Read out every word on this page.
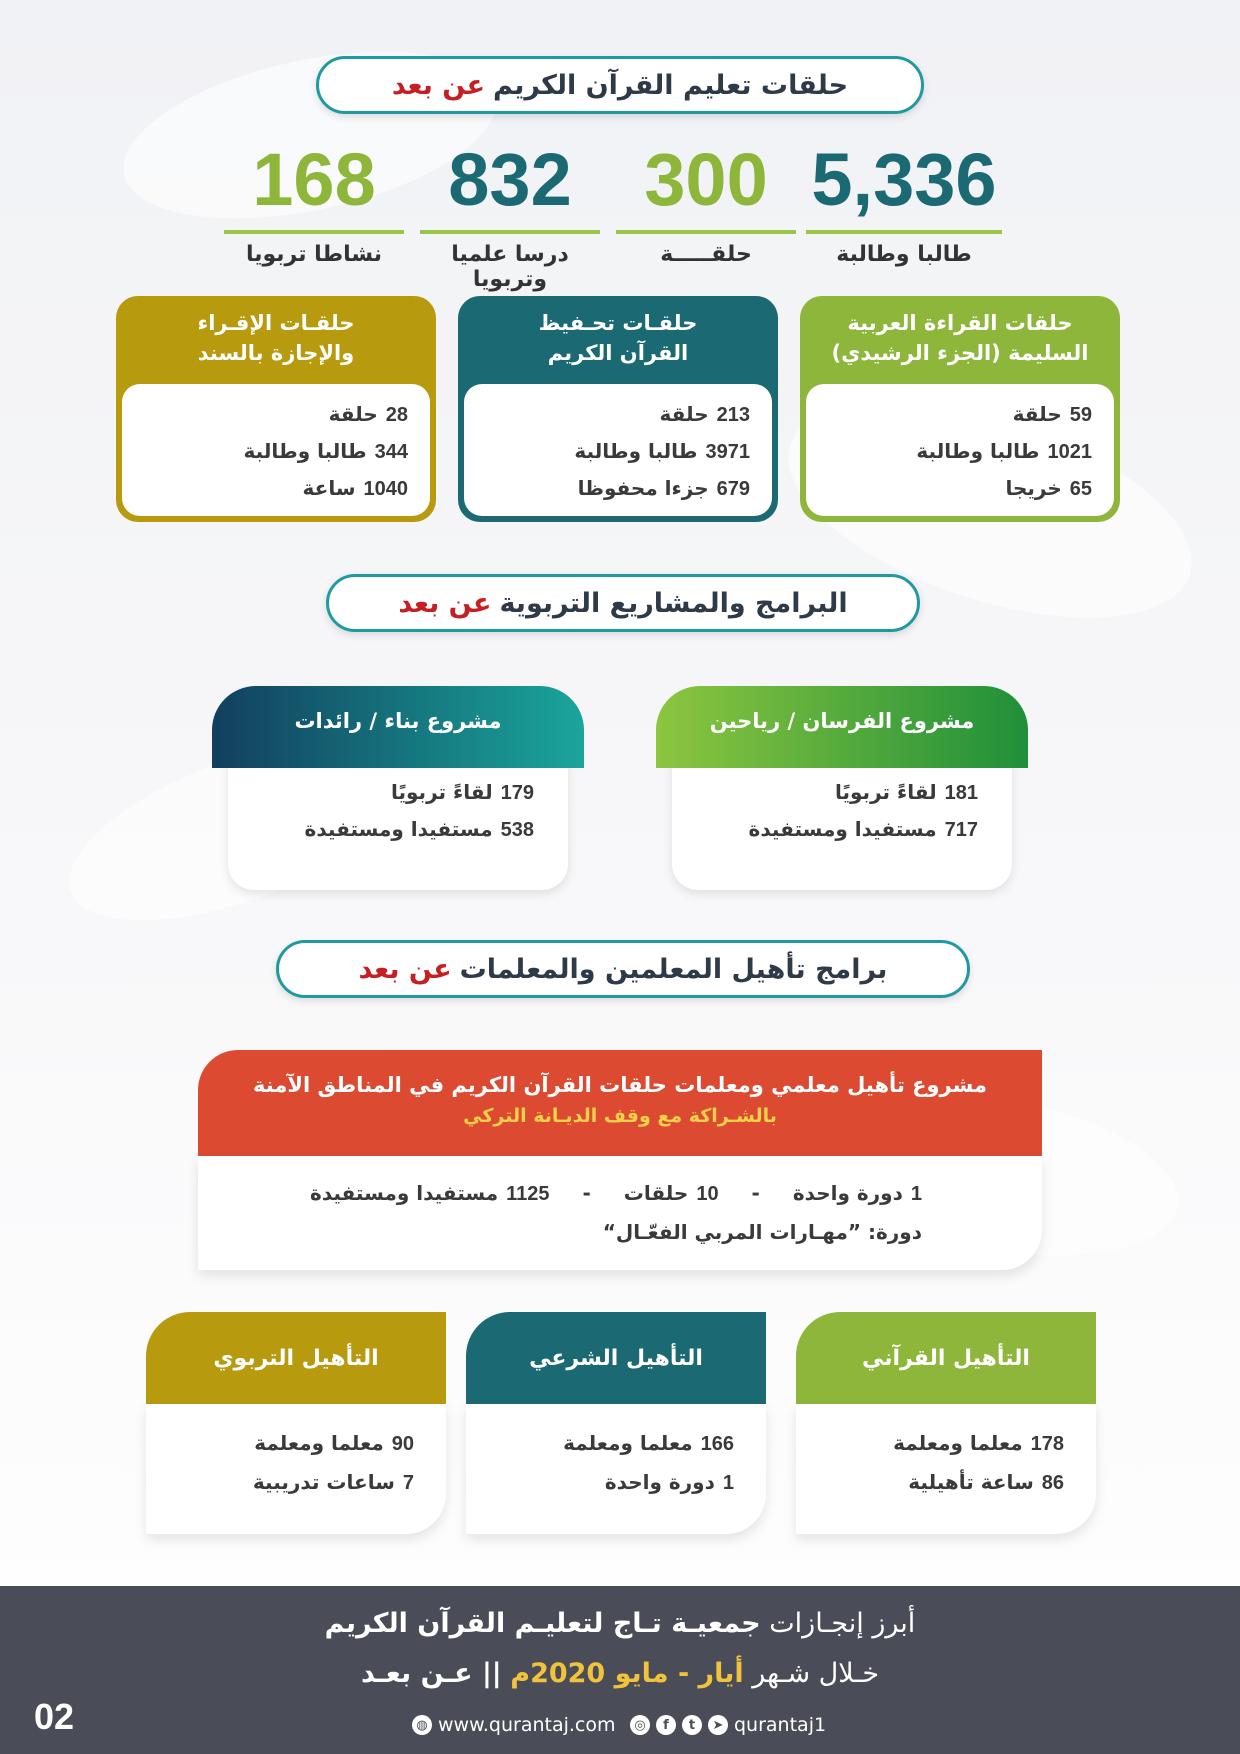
حلقات تعليم القرآن الكريم
عن بعد
5,336
طالبا وطالبة
300
حلقـــــة
832
درسا علميا وتربويا
168
نشاطا تربويا
حلقات القراءة العربية
السليمة (الجزء الرشيدي)
59حلقة
1021طالبا وطالبة
65خريجا
حلقـات تحـفيظ
القرآن الكريم
213حلقة
3971طالبا وطالبة
679جزءا محفوظا
حلقـات الإقـراء
والإجازة بالسند
28حلقة
344طالبا وطالبة
1040ساعة
البرامج والمشاريع التربوية
عن بعد
181لقاءً تربويًا
717مستفيدا ومستفيدة
مشروع الفرسان / رياحين
179لقاءً تربويًا
538مستفيدا ومستفيدة
مشروع بناء / رائدات
برامج تأهيل المعلمين والمعلمات
عن بعد
مشروع تأهيل معلمي ومعلمات حلقات القرآن الكريم في المناطق الآمنة
بالشـراكة مع وقف الديـانة التركي
1دورة واحدة - 10حلقات - 1125مستفيدا ومستفيدة
دورة: ”مهـارات المربي الفعّـال“
التأهيل القرآني
178معلما ومعلمة
86ساعة تأهيلية
التأهيل الشرعي
166معلما ومعلمة
1دورة واحدة
التأهيل التربوي
90معلما ومعلمة
7ساعات تدريبية
أبرز إنجـازات جمعيـة تـاج لتعليـم القرآن الكريم
خـلال شـهر أيار - مايو 2020م || عـن بعـد
◍ www.qurantaj.com	◎	f	t	➤ qurantaj1
02
